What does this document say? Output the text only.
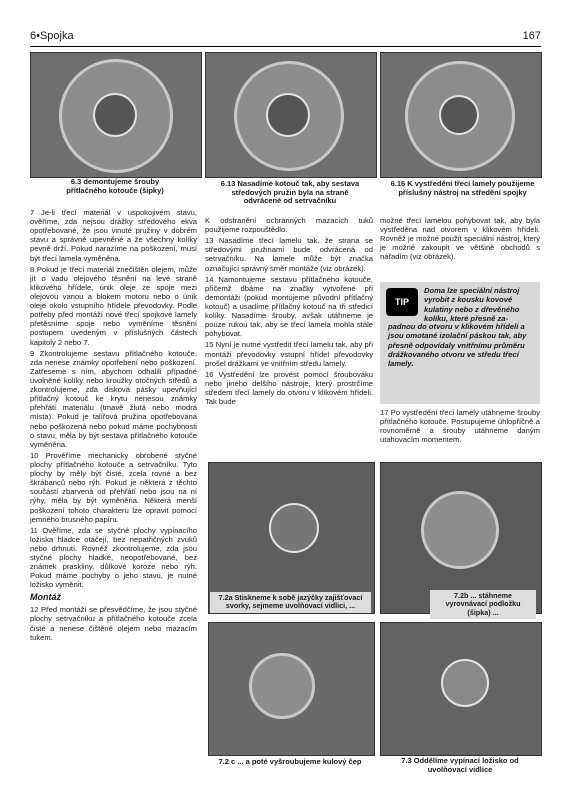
6•Spojka	167
6.3 demontujeme šrouby přítlačného kotouče (šipky)
6.13 Nasadíme kotouč tak, aby sestava středových pružin byla na straně odvrácené od setrvačníku
6.16 K vystředění třecí lamely použijeme příslušný nástroj na středění spojky

7 Je-li třecí materiál v uspokojivém stavu, ověříme, zda nejsou drážky středového ekva opotřebované, že jsou vinuté pružiny v dobrém stavu a správně upevněné a že všechny kolíky pevně drží. Pokud narazíme na poškození, musí být třecí lamela vyměněna.

8 Pokud je třecí materiál znečištěn olejem, může jít o vadu olejového těsnění na levé straně klikového hřídele, únik oleje ze spoje mezi olejovou vanou a blokem motoru nebo o únik oleje okolo vstupního hřídele převodovky. Podle potřeby před montáží nové třecí spojkové lamely přetěsníme spoje nebo vyměníme těsnění postupem uvedeným v příslušných částech kapitoly 2 nebo 7.

9 Zkontrolujeme sestavu přítlačného kotouče, zda nenese známky opotřebení nebo poškození. Zatřeseme s ním, abychom odhalili případné uvolněné kolíky nebo kroužky otočných středů a zkontrolujeme, zda disková pásky upevňující přítlačný kotouč ke krytu nenesou známky přehřátí materiálu (tmavě žlutá nebo modrá místa). Pokud je talířová pružina opotřebovaná nebo poškozená nebo pokud máme pochybnosti o stavu, měla by být sestava přítlačného kotouče vyměněna.

10 Prověříme mechanicky obrobené styčné plochy přítlačného kotouče a setrvačníku. Tyto plochy by měly být čisté, zcela rovné a bez škrábanců nebo rýh. Pokud je některá z těchto součástí zbarvená od přehřátí nebo jsou na ní rýhy, měla by být vyměněna. Některá menší poškození tohoto charakteru lze opravit pomocí jemného brusného papíru.

11 Ověříme, zda se styčné plochy vypínacího ložiska hladce otáčejí, bez nepatřičných zvuků nebo drhnutí. Rovněž zkontrolujeme, zda jsou styčné plochy hladké, neopotřebované, bez známek praskliny, důlkové koroze nebo rýh. Pokud máme pochyby o jeho stavu, je nutné ložisko vyměnit.

Montáž

12 Před montáží se přesvědčíme, že jsou styčné plochy setrvačníku a přítlačného kotouče zcela čisté a nenese čištěné olejem nebo mazacím tukem.

K odstranění ochranných mazacích tuků použijeme rozpouštědlo.

13 Nasadíme třecí lamelu tak, že strana se středovými pružinami bude odvrácená od setrvačníku. Na lamele může být značka označující správný směr montáže (viz obrázek).

14 Namontujeme sestavu přítlačného kotouče, přičemž dbáme na značky vytvořené při demontáži (pokud montujeme původní přítlačný kotouč) a usadíme přítlačný kotouč na tři středicí kolíky. Nasadíme šrouby, avšak utáhneme je pouze rukou tak, aby se třecí lamela mohla stále pohybovat.

15 Nyní je nutné vystředit třecí lamelu tak, aby při montáži převodovky vstupní hřídel převodovky prošel drážkami ve vnitřním středu lamely.

16 Vystředění lze provést pomocí šroubováku nebo jiného delšího nástroje, který prostrčíme středem třecí lamely do otvoru v klikovém hřídeli. Tak bude

možné třecí lamelou pohybovat tak, aby byla vystředěna nad otvorem v klikovém hřídeli. Rovněž je možné použít speciální nástroj, který je možné zakoupit ve většině obchodů s nářadím (viz obrázek).

TIP
Doma lze speciální nástroj vyrobit z kousku kovové kulatiny nebo z dřevěného kolíku, které přesně za-
padnou do otvoru v klikovém hřídeli a jsou omotané izolační páskou tak, aby přesně odpovídaly vnitřnímu průměru drážkovaného otvoru ve středu třecí lamely.

17 Po vystředění třecí lamely utáhneme šrouby přítlačného kotouče. Postupujeme úhlopříčně a rovnoměrně a šrouby utáhneme daným utahovacím momentem.

7.2a Stiskneme k sobě jazýčky zajišťovací svorky, sejmeme uvolňovací vidlici, ...
7.2b ... stáhneme vyrovnávací podložku (šipka) ...
7.2 c ... a poté vyšroubujeme kulový čep	7.3 Oddělíme vypínací ložisko od uvolňovací vidlice
